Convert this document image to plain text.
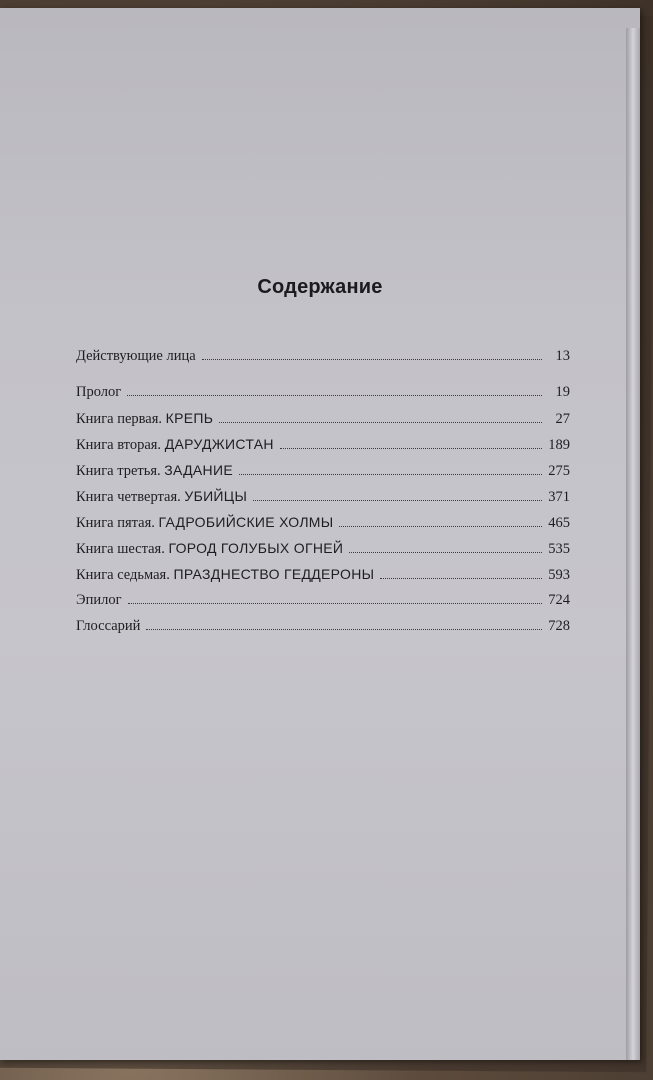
Содержание
Действующие лица	13
Пролог	19
Книга первая. КРЕПЬ	27
Книга вторая. ДАРУДЖИСТАН	189
Книга третья. ЗАДАНИЕ	275
Книга четвертая. УБИЙЦЫ	371
Книга пятая. ГАДРОБИЙСКИЕ ХОЛМЫ	465
Книга шестая. ГОРОД ГОЛУБЫХ ОГНЕЙ	535
Книга седьмая. ПРАЗДНЕСТВО ГЕДДЕРОНЫ	593
Эпилог	724
Глоссарий	728
